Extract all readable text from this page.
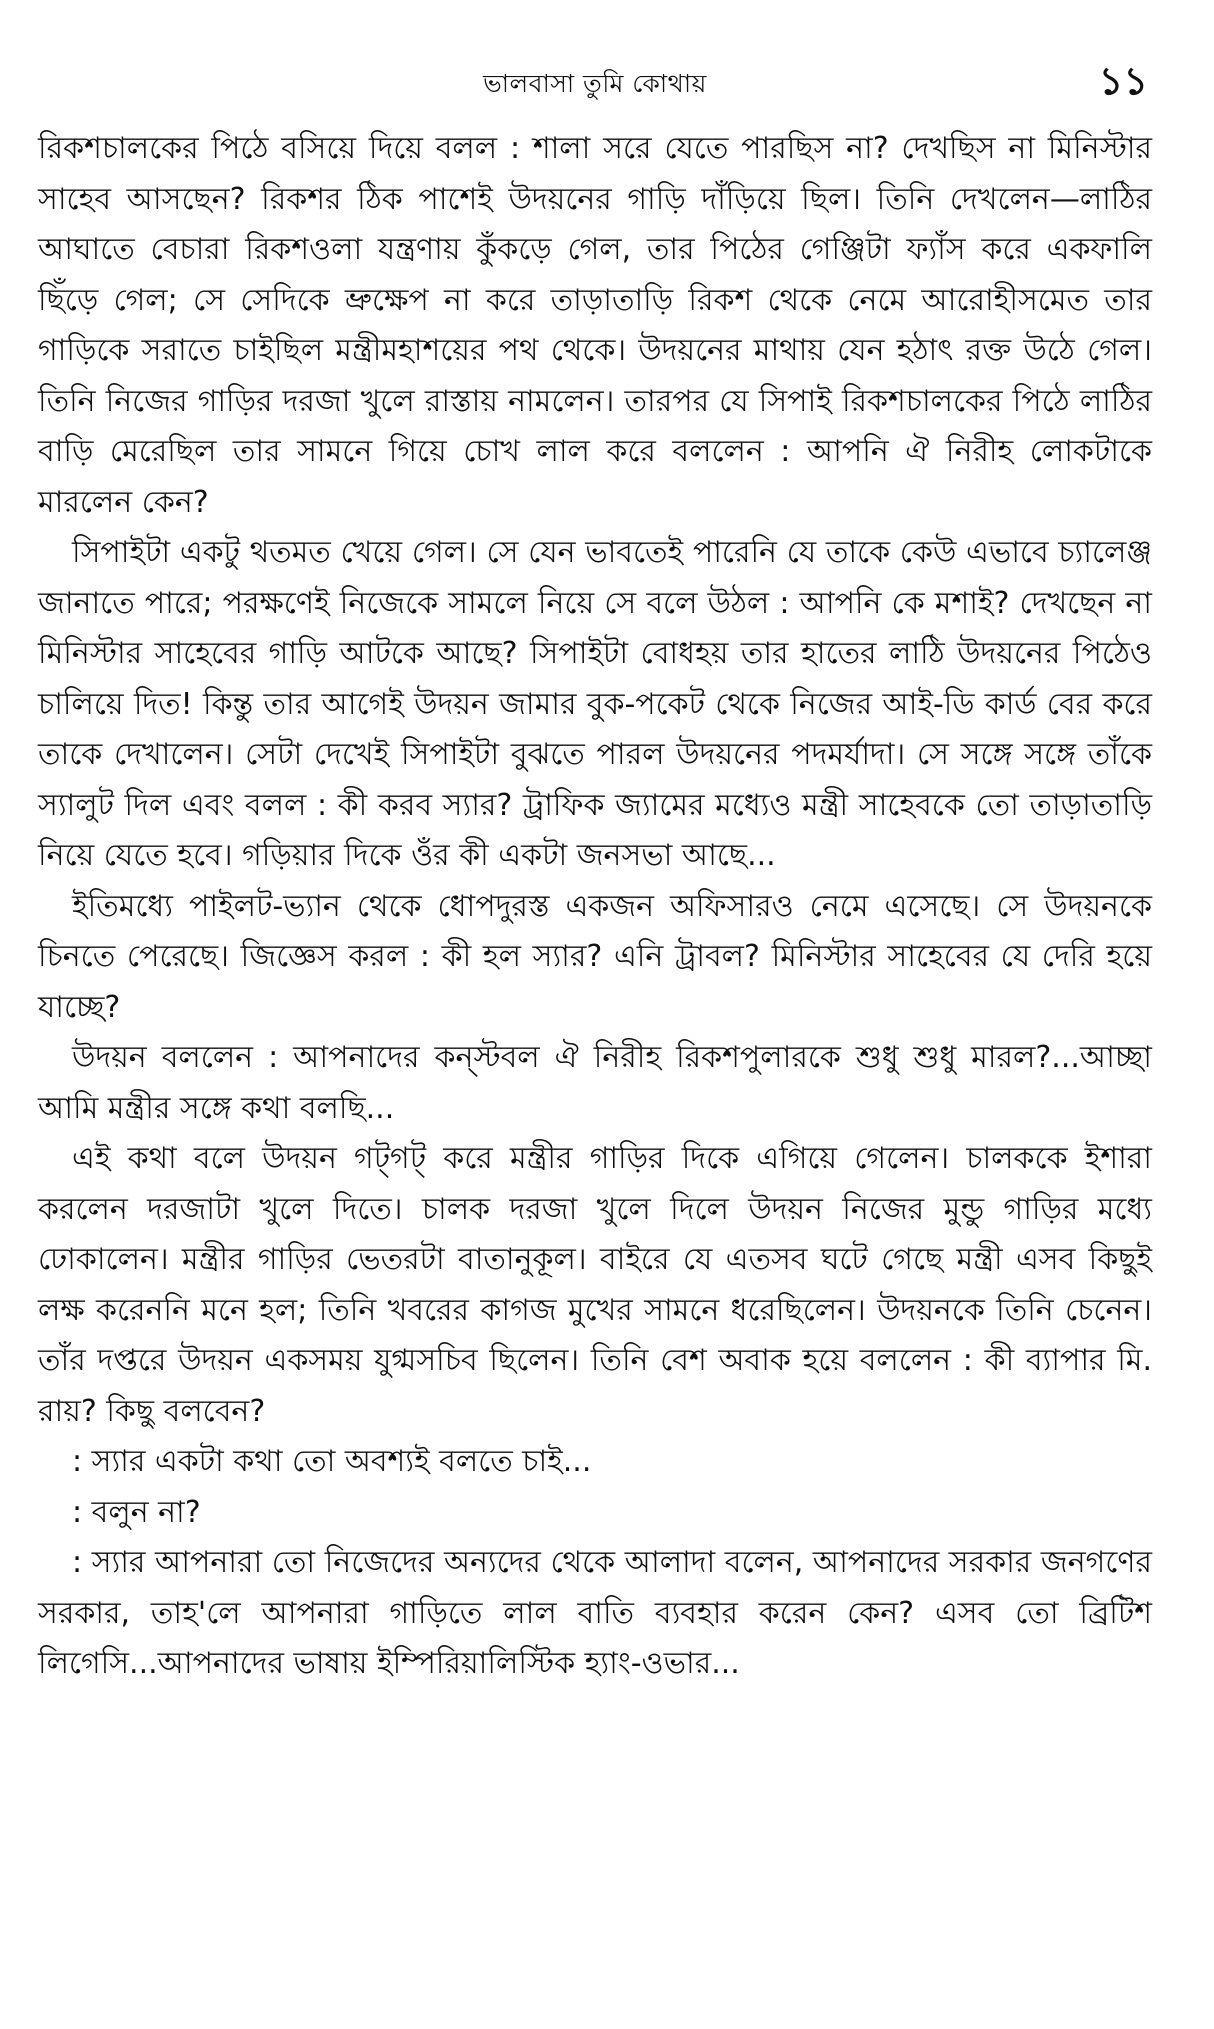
ভালবাসা তুমি কোথায়	১১

রিকশচালকের পিঠে বসিয়ে দিয়ে বলল : শালা সরে যেতে পারছিস না? দেখছিস না মিনিস্টার সাহেব আসছেন? রিকশর ঠিক পাশেই উদয়নের গাড়ি দাঁড়িয়ে ছিল। তিনি দেখলেন—লাঠির আঘাতে বেচারা রিকশওলা যন্ত্রণায় কুঁকড়ে গেল, তার পিঠের গেঞ্জিটা ফ্যাঁস করে একফালি ছিঁড়ে গেল; সে সেদিকে ভ্রুক্ষেপ না করে তাড়াতাড়ি রিকশ থেকে নেমে আরোহীসমেত তার গাড়িকে সরাতে চাইছিল মন্ত্রীমহাশয়ের পথ থেকে। উদয়নের মাথায় যেন হঠাৎ রক্ত উঠে গেল। তিনি নিজের গাড়ির দরজা খুলে রাস্তায় নামলেন। তারপর যে সিপাই রিকশচালকের পিঠে লাঠির বাড়ি মেরেছিল তার সামনে গিয়ে চোখ লাল করে বললেন : আপনি ঐ নিরীহ লোকটাকে মারলেন কেন?

সিপাইটা একটু থতমত খেয়ে গেল। সে যেন ভাবতেই পারেনি যে তাকে কেউ এভাবে চ্যালেঞ্জ জানাতে পারে; পরক্ষণেই নিজেকে সামলে নিয়ে সে বলে উঠল : আপনি কে মশাই? দেখছেন না মিনিস্টার সাহেবের গাড়ি আটকে আছে? সিপাইটা বোধহয় তার হাতের লাঠি উদয়নের পিঠেও চালিয়ে দিত! কিন্তু তার আগেই উদয়ন জামার বুক-পকেট থেকে নিজের আই-ডি কার্ড বের করে তাকে দেখালেন। সেটা দেখেই সিপাইটা বুঝতে পারল উদয়নের পদমর্যাদা। সে সঙ্গে সঙ্গে তাঁকে স্যালুট দিল এবং বলল : কী করব স্যার? ট্রাফিক জ্যামের মধ্যেও মন্ত্রী সাহেবকে তো তাড়াতাড়ি নিয়ে যেতে হবে। গড়িয়ার দিকে ওঁর কী একটা জনসভা আছে...

ইতিমধ্যে পাইলট-ভ্যান থেকে ধোপদুরস্ত একজন অফিসারও নেমে এসেছে। সে উদয়নকে চিনতে পেরেছে। জিজ্ঞেস করল : কী হল স্যার? এনি ট্রাবল? মিনিস্টার সাহেবের যে দেরি হয়ে যাচ্ছে?

উদয়ন বললেন : আপনাদের কন্‌স্টবল ঐ নিরীহ রিকশপুলারকে শুধু শুধু মারল?...আচ্ছা আমি মন্ত্রীর সঙ্গে কথা বলছি...

এই কথা বলে উদয়ন গট্‌গট্‌ করে মন্ত্রীর গাড়ির দিকে এগিয়ে গেলেন। চালককে ইশারা করলেন দরজাটা খুলে দিতে। চালক দরজা খুলে দিলে উদয়ন নিজের মুন্ডু গাড়ির মধ্যে ঢোকালেন। মন্ত্রীর গাড়ির ভেতরটা বাতানুকূল। বাইরে যে এতসব ঘটে গেছে মন্ত্রী এসব কিছুই লক্ষ করেননি মনে হল; তিনি খবরের কাগজ মুখের সামনে ধরেছিলেন। উদয়নকে তিনি চেনেন। তাঁর দপ্তরে উদয়ন একসময় যুগ্মসচিব ছিলেন। তিনি বেশ অবাক হয়ে বললেন : কী ব্যাপার মি. রায়? কিছু বলবেন?

: স্যার একটা কথা তো অবশ্যই বলতে চাই...

: বলুন না?

: স্যার আপনারা তো নিজেদের অন্যদের থেকে আলাদা বলেন, আপনাদের সরকার জনগণের সরকার, তাহ'লে আপনারা গাড়িতে লাল বাতি ব্যবহার করেন কেন? এসব তো ব্রিটিশ লিগেসি...আপনাদের ভাষায় ইম্পিরিয়ালিস্টিক হ্যাং-ওভার...
